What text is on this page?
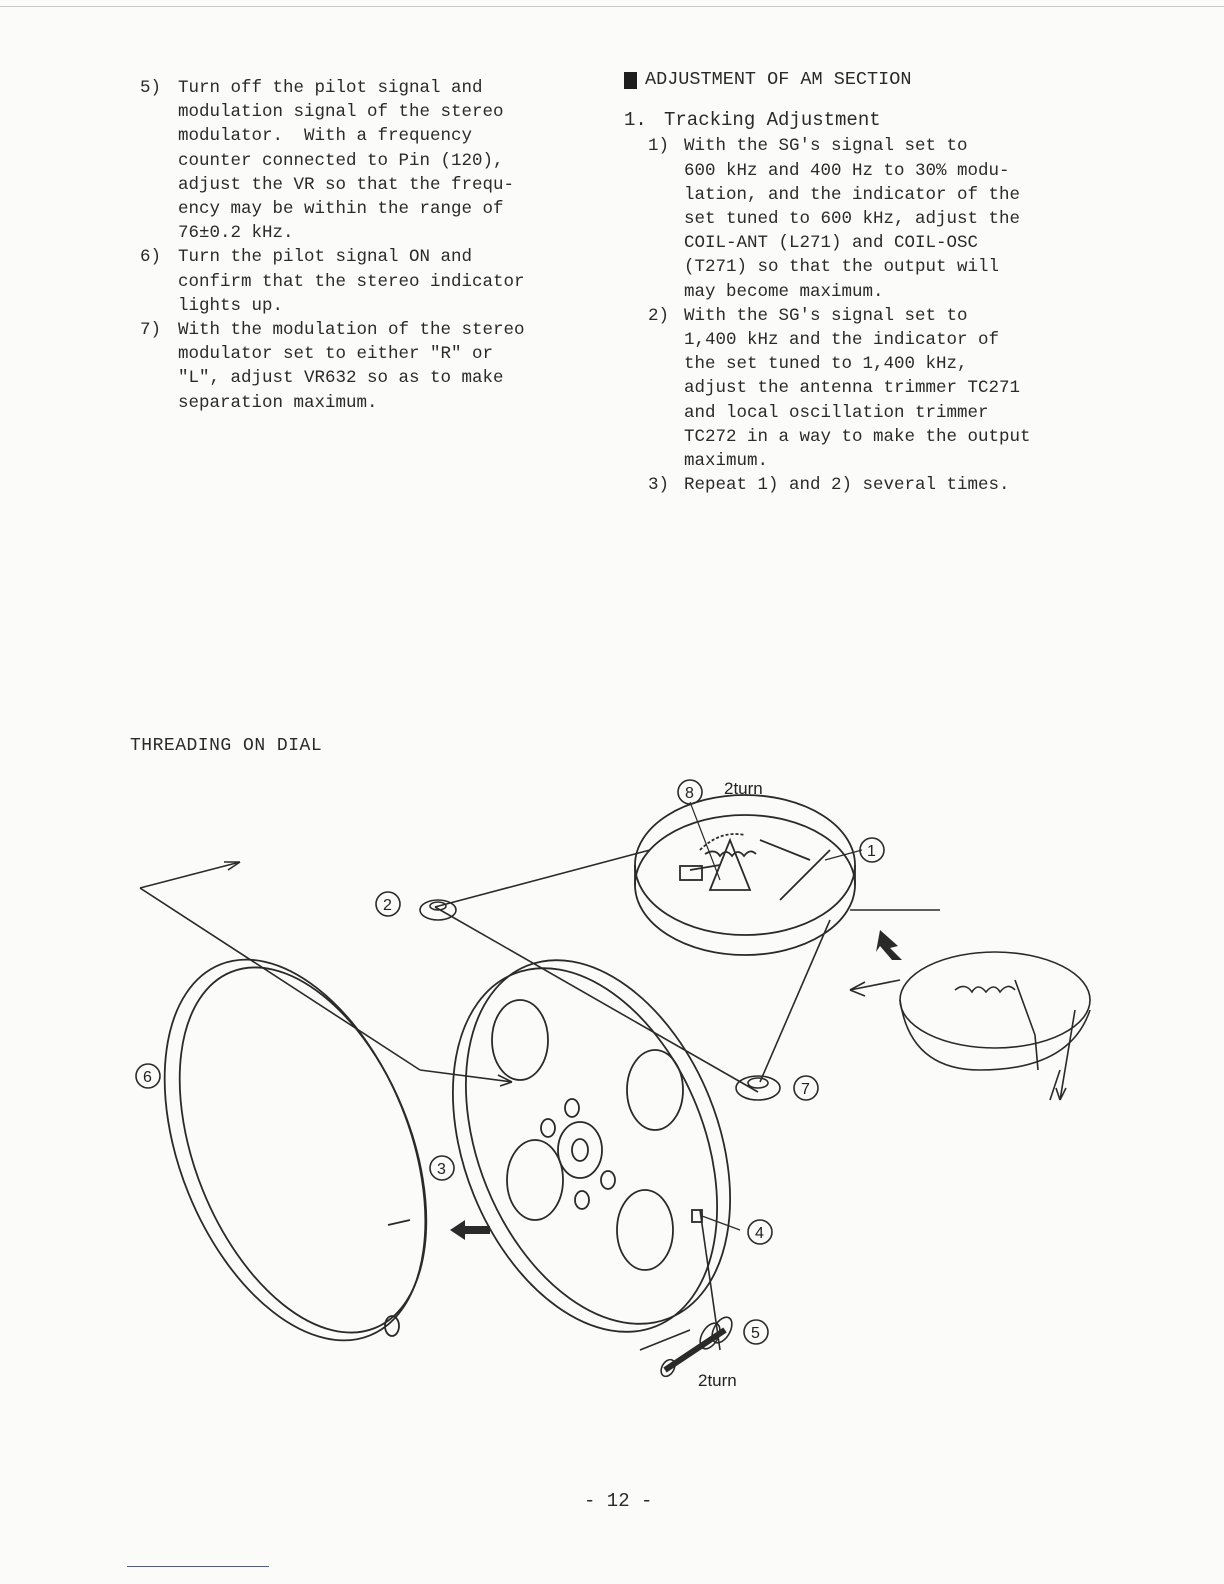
5) Turn off the pilot signal and
modulation signal of the stereo
modulator.  With a frequency
counter connected to Pin (120),
adjust the VR so that the frequ-
ency may be within the range of
76±0.2 kHz.
6) Turn the pilot signal ON and
confirm that the stereo indicator
lights up.
7) With the modulation of the stereo
modulator set to either "R" or
"L", adjust VR632 so as to make
separation maximum.
ADJUSTMENT OF AM SECTION
1. Tracking Adjustment
1) With the SG's signal set to
600 kHz and 400 Hz to 30% modu-
lation, and the indicator of the
set tuned to 600 kHz, adjust the
COIL-ANT (L271) and COIL-OSC
(T271) so that the output will
may become maximum.
2) With the SG's signal set to
1,400 kHz and the indicator of
the set tuned to 1,400 kHz,
adjust the antenna trimmer TC271
and local oscillation trimmer
TC272 in a way to make the output
maximum.
3) Repeat 1) and 2) several times.
THREADING ON DIAL
8
1
2
6
7
3
4
5
2turn
2turn
- 12 -
